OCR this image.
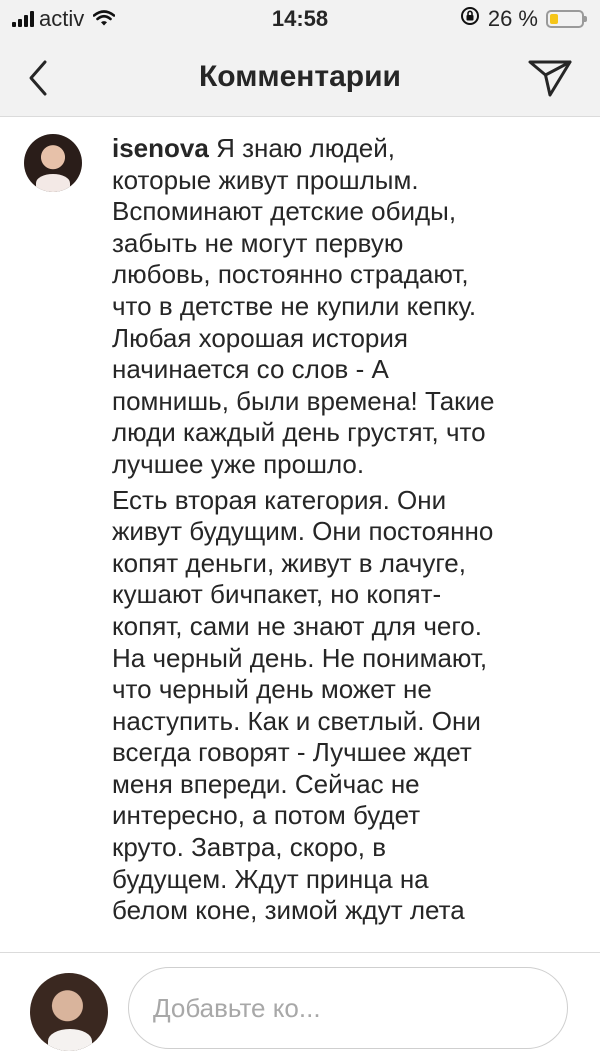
activ	14:58	26 %
Комментарии

isenova Я знаю людей, которые живут прошлым. Вспоминают детские обиды, забыть не могут первую любовь, постоянно страдают, что в детстве не купили кепку. Любая хорошая история начинается со слов - А помнишь, были времена! Такие люди каждый день грустят, что лучшее уже прошло.

Есть вторая категория. Они живут будущим. Они постоянно копят деньги, живут в лачуге, кушают бичпакет, но копят-копят, сами не знают для чего. На черный день. Не понимают, что черный день может не наступить. Как и светлый. Они всегда говорят - Лучшее ждет меня впереди. Сейчас не интересно, а потом будет круто. Завтра, скоро, в будущем. Ждут принца на белом коне, зимой ждут лета

Добавьте ко...
